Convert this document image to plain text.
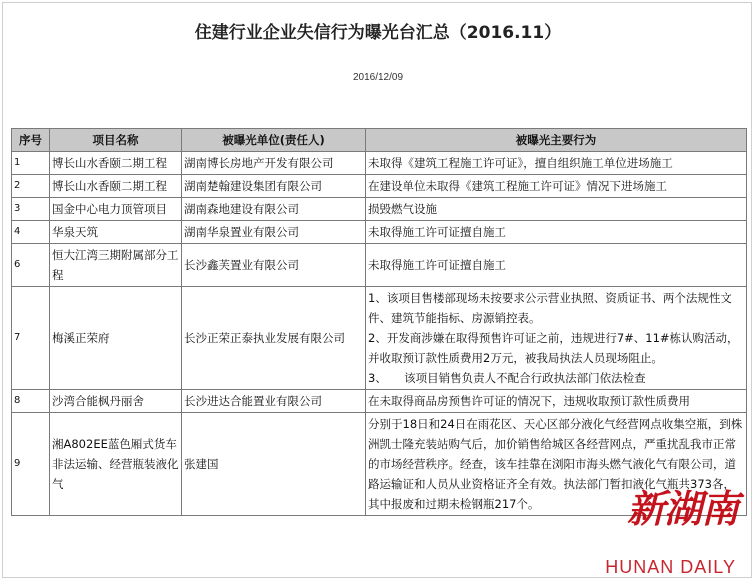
住建行业企业失信行为曝光台汇总（2016.11）
2016/12/09
序号	项目名称	被曝光单位(责任人)	被曝光主要行为
1	博长山水香颐二期工程	湖南博长房地产开发有限公司	未取得《建筑工程施工许可证》，擅自组织施工单位进场施工

2	博长山水香颐二期工程	湖南楚翰建设集团有限公司	在建设单位未取得《建筑工程施工许可证》情况下进场施工

3	国金中心电力顶管项目	湖南森地建设有限公司	损毁燃气设施

4	华泉天筑	湖南华泉置业有限公司	未取得施工许可证擅自施工

6	恒大江湾三期附属部分工程	长沙鑫芙置业有限公司	未取得施工许可证擅自施工

7	梅溪正荣府	长沙正荣正泰执业发展有限公司	1、该项目售楼部现场未按要求公示营业执照、资质证书、两个法规性文件、建筑节能指标、房源销控表。
2、开发商涉嫌在取得预售许可证之前，违规进行7#、11#栋认购活动，并收取预订款性质费用2万元，被我局执法人员现场阻止。
3、　　该项目销售负责人不配合行政执法部门依法检查

8	沙湾合能枫丹丽舍	长沙进达合能置业有限公司	在未取得商品房预售许可证的情况下，违规收取预订款性质费用

9	湘A802EE蓝色厢式货车非法运输、经营瓶装液化气	张建国	分别于18日和24日在雨花区、天心区部分液化气经营网点收集空瓶，到株洲凯士隆充装站购气后，加价销售给城区各经营网点，严重扰乱我市正常的市场经营秩序。经查，该车挂靠在浏阳市海头燃气液化气有限公司，道路运输证和人员从业资格证齐全有效。执法部门暂扣液化气瓶共373各，其中报废和过期未检钢瓶217个。	新湖南
HUNAN DAILY
